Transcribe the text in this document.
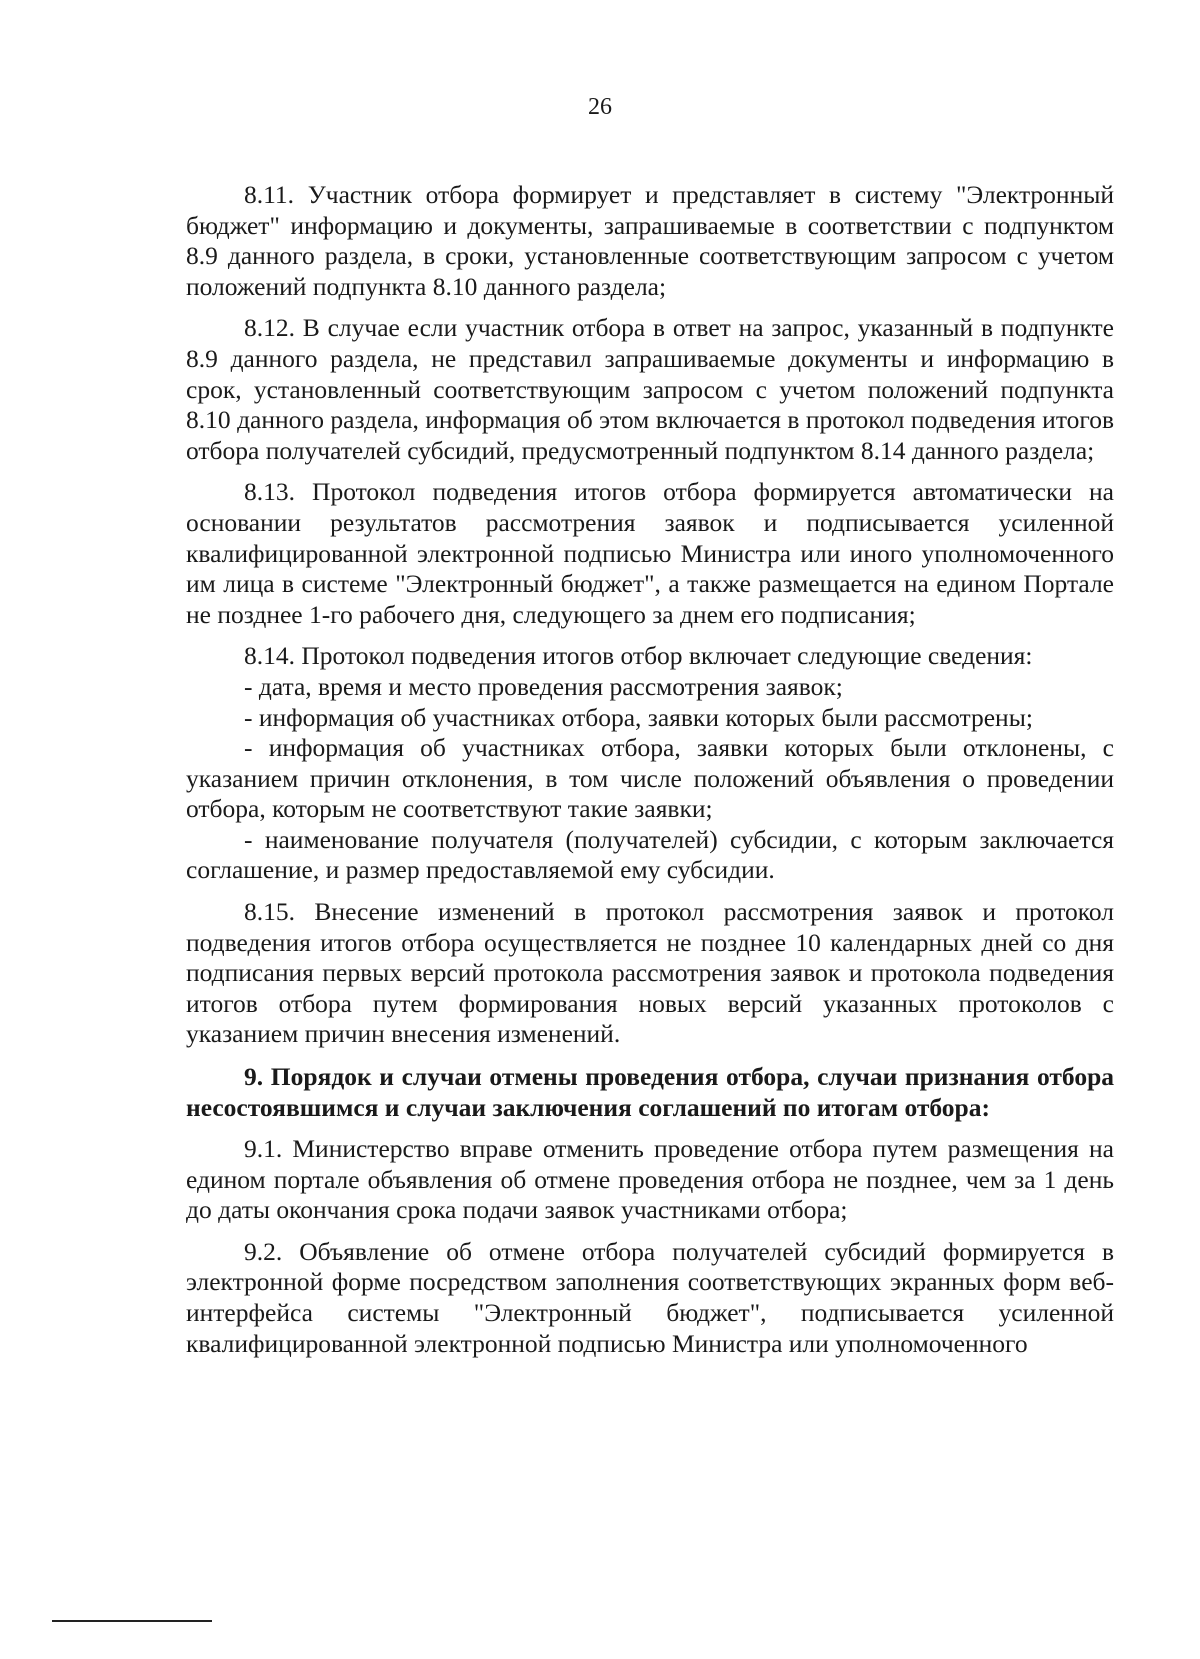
26

8.11. Участник отбора формирует и представляет в систему "Электронный бюджет" информацию и документы, запрашиваемые в соответствии с подпунктом 8.9 данного раздела, в сроки, установленные соответствующим запросом с учетом положений подпункта 8.10 данного раздела;

8.12. В случае если участник отбора в ответ на запрос, указанный в подпункте 8.9 данного раздела, не представил запрашиваемые документы и информацию в срок, установленный соответствующим запросом с учетом положений подпункта 8.10 данного раздела, информация об этом включается в протокол подведения итогов отбора получателей субсидий, предусмотренный подпунктом 8.14 данного раздела;

8.13. Протокол подведения итогов отбора формируется автоматически на основании результатов рассмотрения заявок и подписывается усиленной квалифицированной электронной подписью Министра или иного уполномоченного им лица в системе "Электронный бюджет", а также размещается на едином Портале не позднее 1-го рабочего дня, следующего за днем его подписания;

8.14. Протокол подведения итогов отбор включает следующие сведения:

- дата, время и место проведения рассмотрения заявок;

- информация об участниках отбора, заявки которых были рассмотрены;

- информация об участниках отбора, заявки которых были отклонены, с указанием причин отклонения, в том числе положений объявления о проведении отбора, которым не соответствуют такие заявки;

- наименование получателя (получателей) субсидии, с которым заключается соглашение, и размер предоставляемой ему субсидии.

8.15. Внесение изменений в протокол рассмотрения заявок и протокол подведения итогов отбора осуществляется не позднее 10 календарных дней со дня подписания первых версий протокола рассмотрения заявок и протокола подведения итогов отбора путем формирования новых версий указанных протоколов с указанием причин внесения изменений.

9. Порядок и случаи отмены проведения отбора, случаи признания отбора несостоявшимся и случаи заключения соглашений по итогам отбора:

9.1. Министерство вправе отменить проведение отбора путем размещения на едином портале объявления об отмене проведения отбора не позднее, чем за 1 день до даты окончания срока подачи заявок участниками отбора;

9.2. Объявление об отмене отбора получателей субсидий формируется в электронной форме посредством заполнения соответствующих экранных форм веб-интерфейса системы "Электронный бюджет", подписывается усиленной квалифицированной электронной подписью Министра или уполномоченного
